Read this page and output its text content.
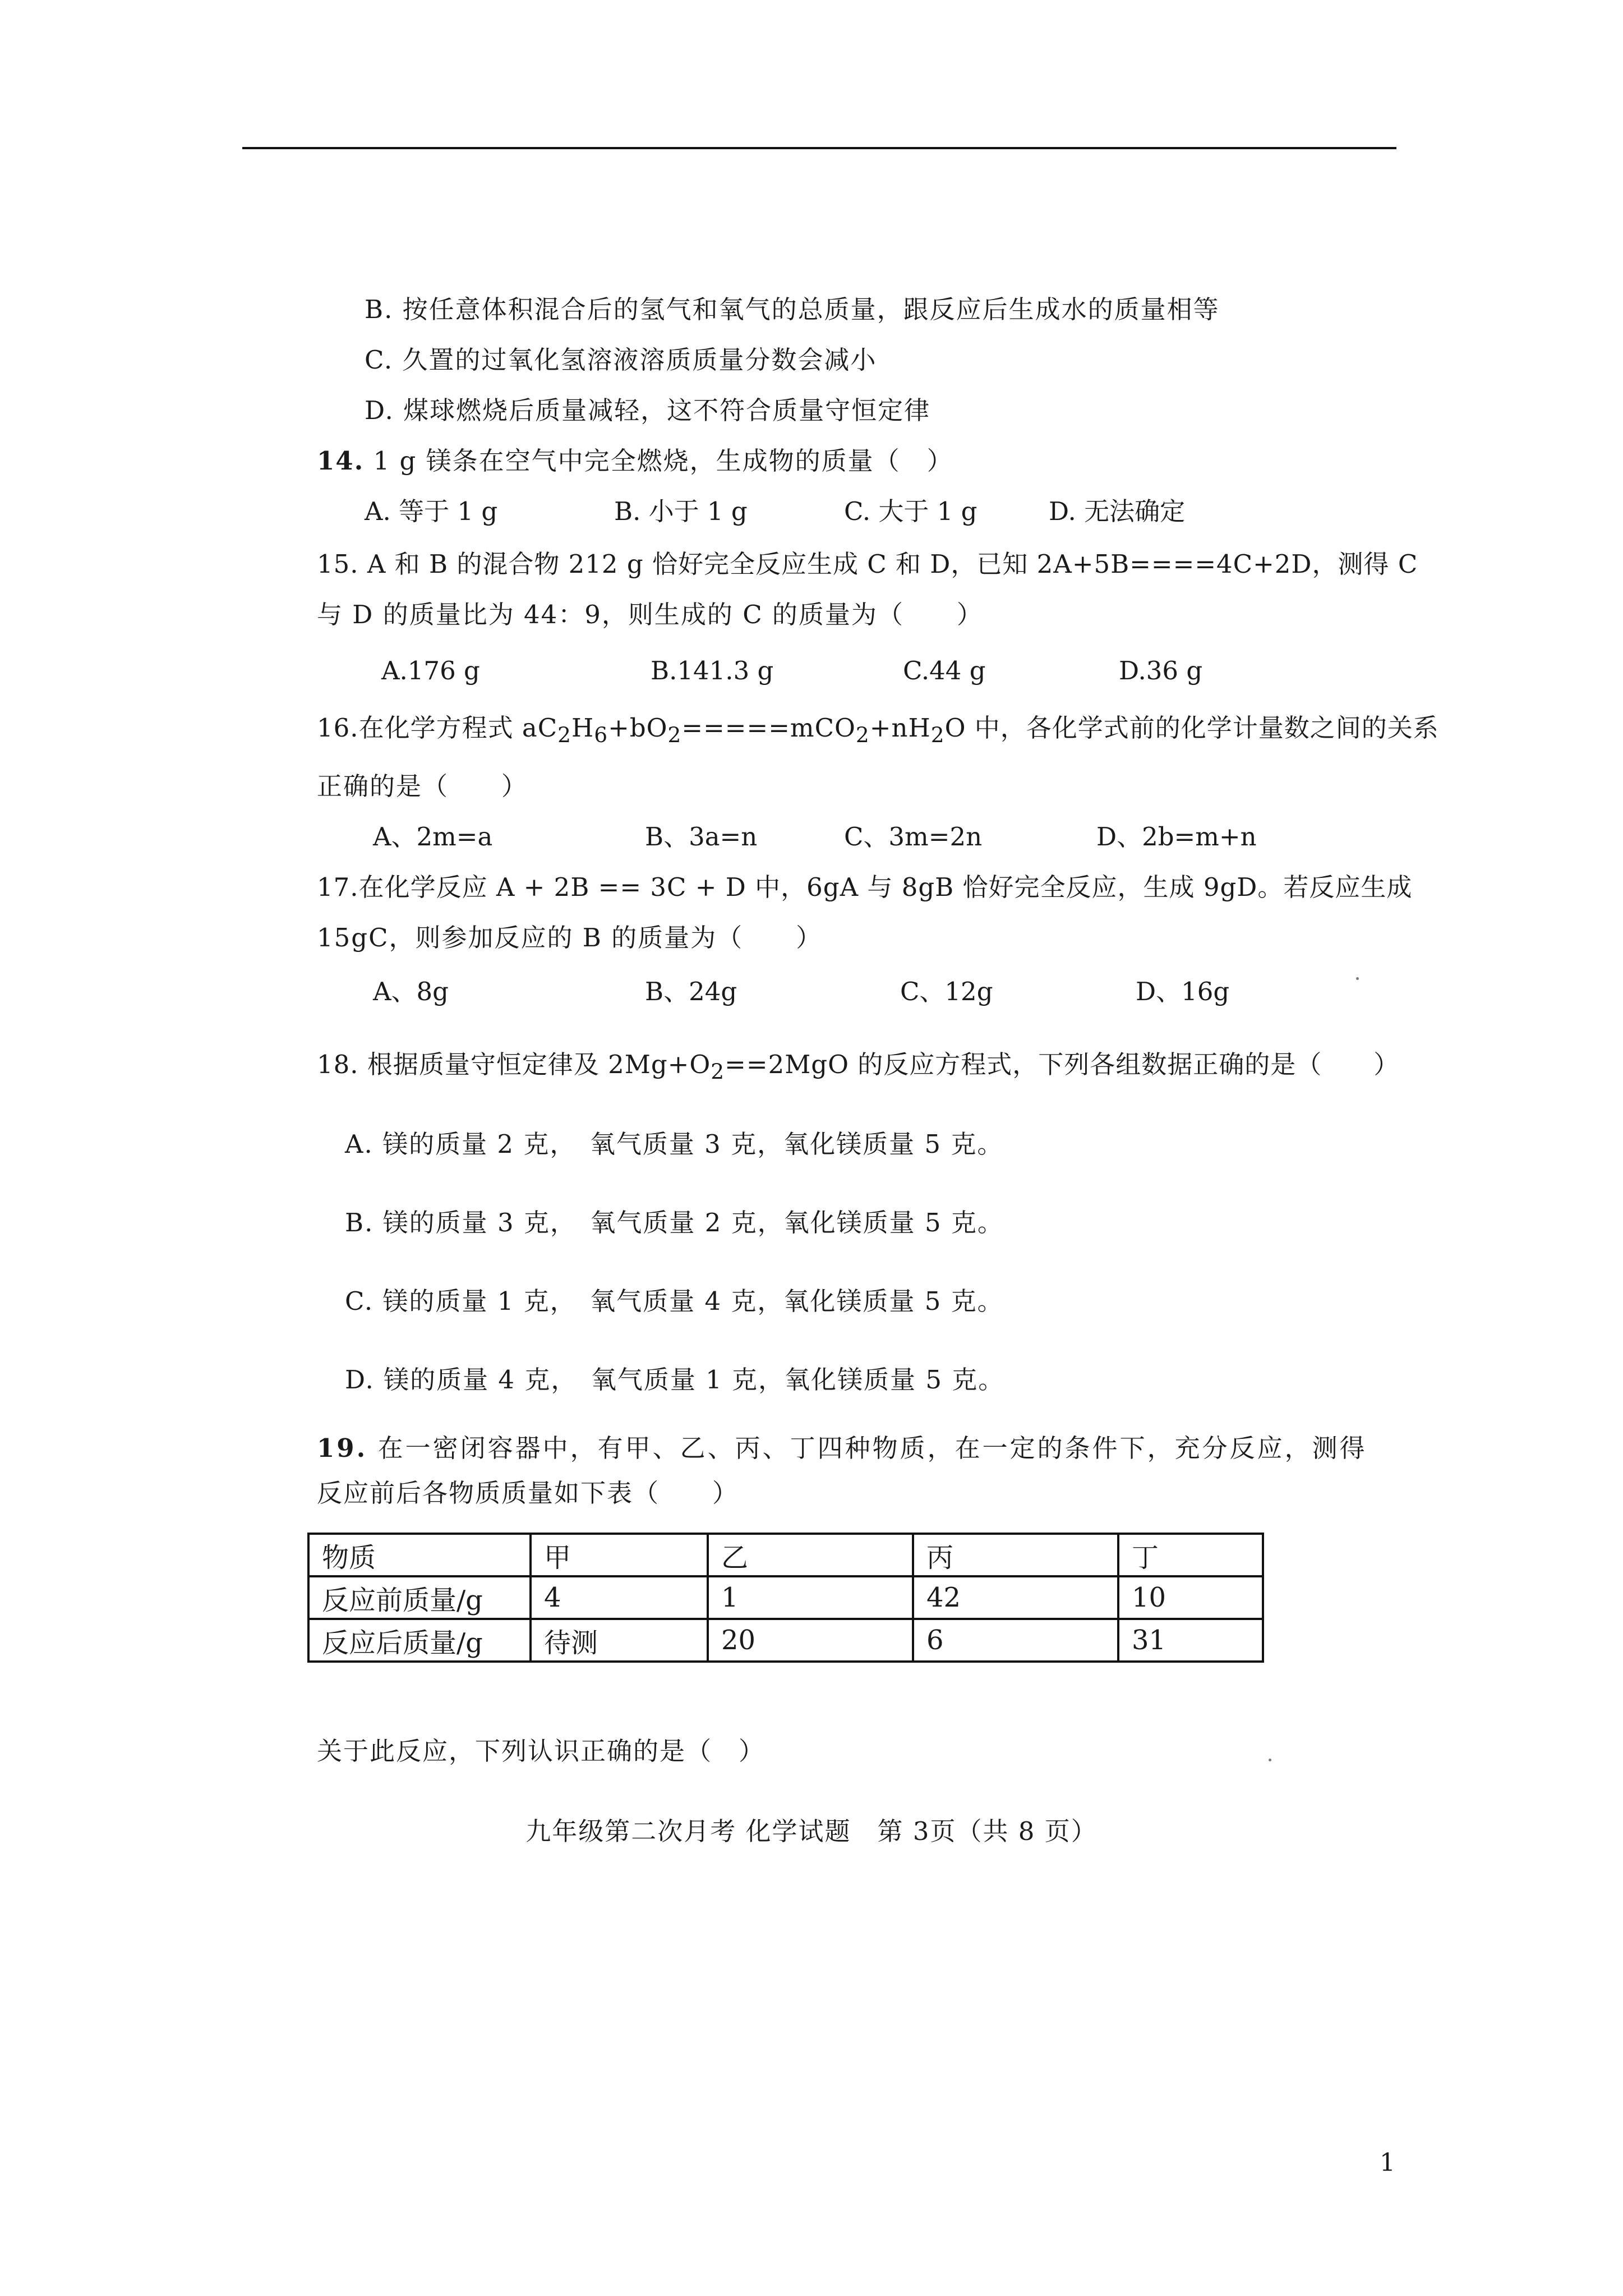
B. 按任意体积混合后的氢气和氧气的总质量，跟反应后生成水的质量相等
C. 久置的过氧化氢溶液溶质质量分数会减小
D. 煤球燃烧后质量减轻，这不符合质量守恒定律
14. 1 g 镁条在空气中完全燃烧，生成物的质量（　）
A. 等于 1 g	B. 小于 1 g	C. 大于 1 g	D. 无法确定
15. A 和 B 的混合物 212 g 恰好完全反应生成 C 和 D，已知 2A+5B====4C+2D，测得 C
与 D 的质量比为 44：9，则生成的 C 的质量为（　　）
A.176 g	B.141.3 g	C.44 g	D.36 g
16.在化学方程式 $aC_2H_6+bO_2=====mCO_2+nH_2O$ 中，各化学式前的化学计量数之间的关系
正确的是（　　）
A、2m=a	B、3a=n	C、3m=2n	D、2b=m+n
17.在化学反应 A + 2B == 3C + D 中，6gA 与 8gB 恰好完全反应，生成 9gD。若反应生成
15gC，则参加反应的 B 的质量为（　　）
A、8g	B、24g	C、12g	D、16g
18. 根据质量守恒定律及 $2Mg+O_2==2MgO$ 的反应方程式，下列各组数据正确的是（　　）
A. 镁的质量 2 克，　氧气质量 3 克，氧化镁质量 5 克。
B. 镁的质量 3 克，　氧气质量 2 克，氧化镁质量 5 克。
C. 镁的质量 1 克，　氧气质量 4 克，氧化镁质量 5 克。
D. 镁的质量 4 克，　氧气质量 1 克，氧化镁质量 5 克。
19. 在一密闭容器中，有甲、乙、丙、丁四种物质，在一定的条件下，充分反应，测得
反应前后各物质质量如下表（　　）
物质	甲	乙	丙	丁
反应前质量/g	4	1	42	10
反应后质量/g	待测	20	6	31
关于此反应，下列认识正确的是（　）
九年级第二次月考 化学试题　第 3页（共 8 页）
1
